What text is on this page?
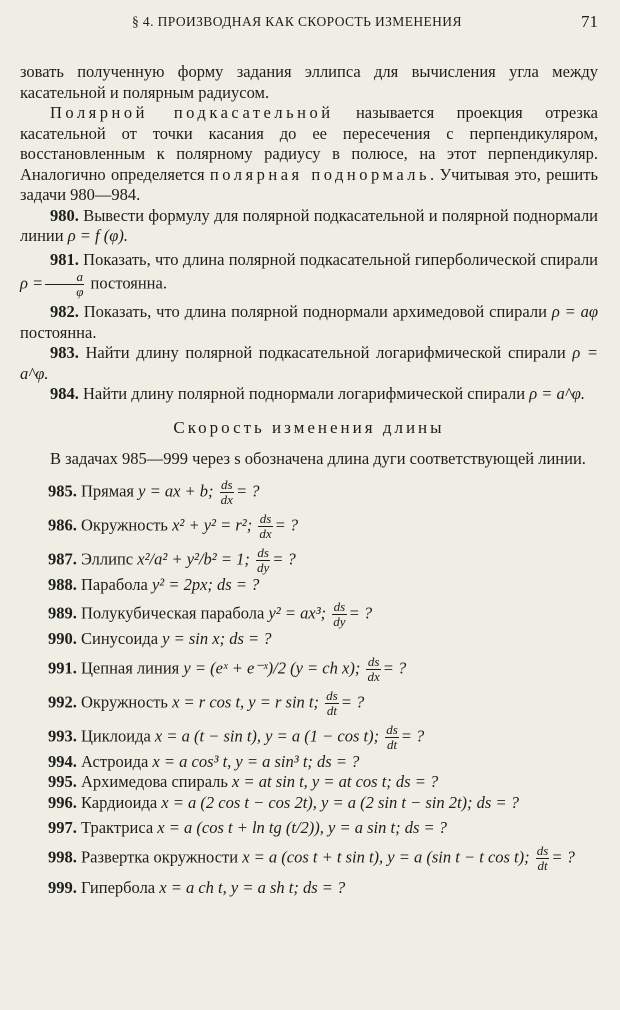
§ 4. ПРОИЗВОДНАЯ КАК СКОРОСТЬ ИЗМЕНЕНИЯ	71

зовать полученную форму задания эллипса для вычисления угла между касательной и полярным радиусом.

Полярной подкасательной называется проекция отрезка касательной от точки касания до ее пересечения с перпендикуляром, восстановленным к полярному радиусу в полюсе, на этот перпендикуляр. Аналогично определяется полярная поднормаль. Учитывая это, решить задачи 980—984.

980. Вывести формулу для полярной подкасательной и полярной поднормали линии ρ = f (φ).

981. Показать, что длина полярной подкасательной гиперболической спирали $\rho = \frac{a}{\varphi}$ постоянна.

982. Показать, что длина полярной поднормали архимедовой спирали ρ = aφ постоянна.

983. Найти длину полярной подкасательной логарифмической спирали ρ = a^φ.

984. Найти длину полярной поднормали логарифмической спирали ρ = a^φ.

Скорость изменения длины

В задачах 985—999 через s обозначена длина дуги соответствующей линии.

985. Прямая y = ax + b; $\frac{ds}{dx}$ = ?

986. Окружность x² + y² = r²; $\frac{ds}{dx}$ = ?

987. Эллипс x²/a² + y²/b² = 1; $\frac{ds}{dy}$ = ?

988. Парабола y² = 2px; ds = ?

989. Полукубическая парабола y² = ax³; $\frac{ds}{dy}$ = ?

990. Синусоида y = sin x; ds = ?

991. Цепная линия y = (eˣ + e⁻ˣ)/2 (y = ch x); $\frac{ds}{dx}$ = ?

992. Окружность x = r cos t, y = r sin t; $\frac{ds}{dt}$ = ?

993. Циклоида x = a (t − sin t), y = a (1 − cos t); $\frac{ds}{dt}$ = ?

994. Астроида x = a cos³ t, y = a sin³ t; ds = ?

995. Архимедова спираль x = at sin t, y = at cos t; ds = ?

996. Кардиоида x = a (2 cos t − cos 2t), y = a (2 sin t − sin 2t); ds = ?

997. Трактриса x = a (cos t + ln tg (t/2)), y = a sin t; ds = ?

998. Развертка окружности x = a (cos t + t sin t), y = a (sin t − t cos t); $\frac{ds}{dt}$ = ?

999. Гипербола x = a ch t, y = a sh t; ds = ?
